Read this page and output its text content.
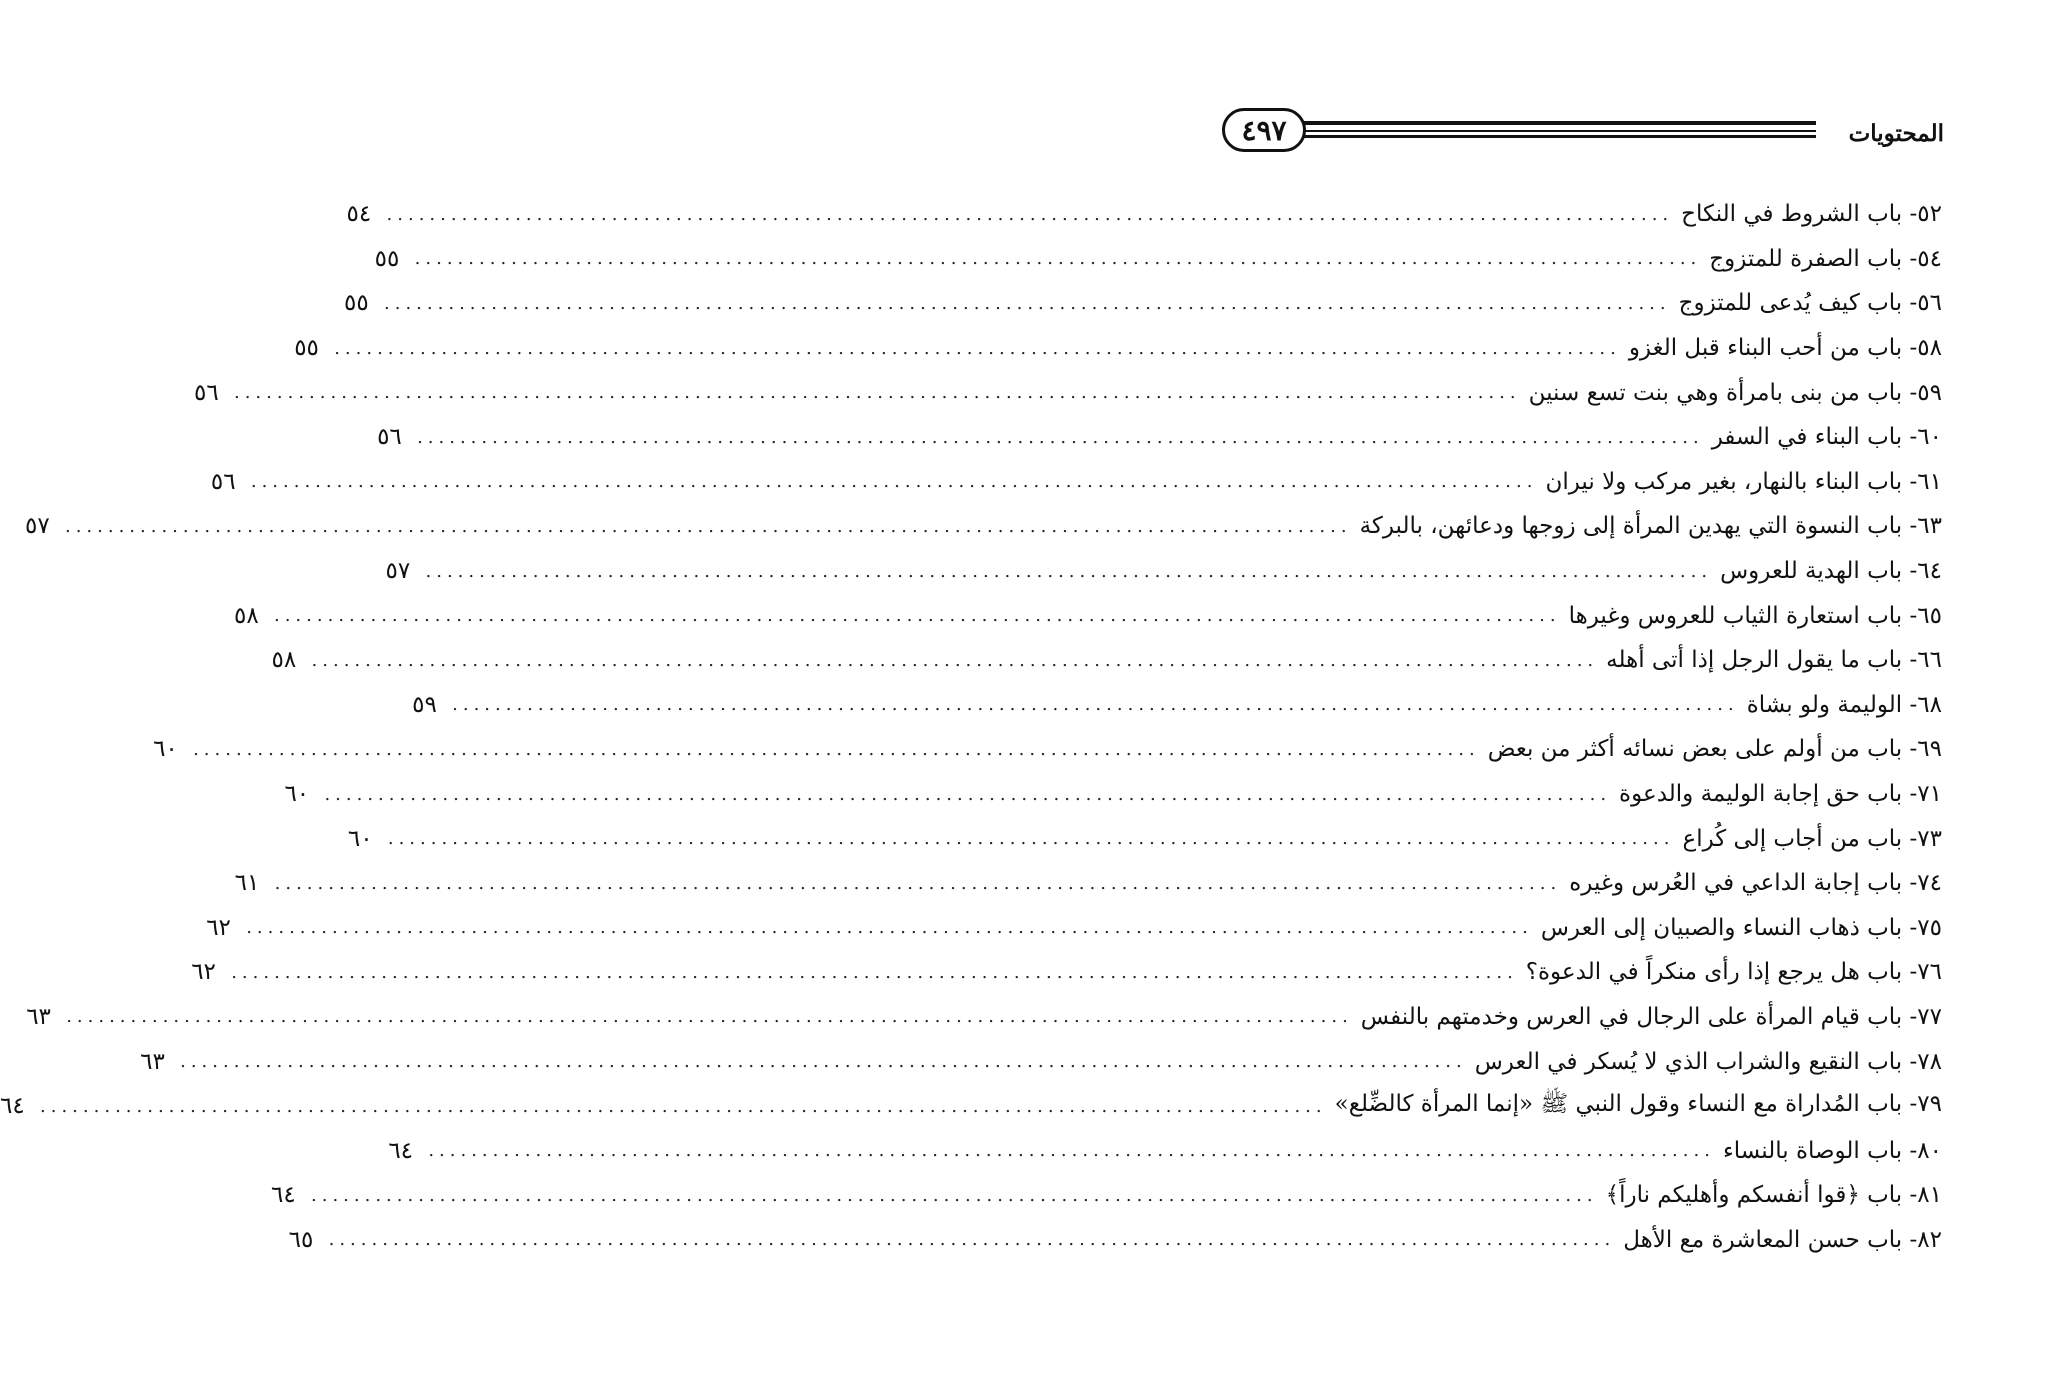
المحتويات
٤٩٧
٥٢- باب الشروط في النكاح
........................................................................................................................
٥٤
٥٤- باب الصفرة للمتزوج
........................................................................................................................
٥٥
٥٦- باب كيف يُدعى للمتزوج
........................................................................................................................
٥٥
٥٨- باب من أحب البناء قبل الغزو
........................................................................................................................
٥٥
٥٩- باب من بنى بامرأة وهي بنت تسع سنين
........................................................................................................................
٥٦
٦٠- باب البناء في السفر
........................................................................................................................
٥٦
٦١- باب البناء بالنهار، بغير مركب ولا نيران
........................................................................................................................
٥٦
٦٣- باب النسوة التي يهدين المرأة إلى زوجها ودعائهن، بالبركة
........................................................................................................................
٥٧
٦٤- باب الهدية للعروس
........................................................................................................................
٥٧
٦٥- باب استعارة الثياب للعروس وغيرها
........................................................................................................................
٥٨
٦٦- باب ما يقول الرجل إذا أتى أهله
........................................................................................................................
٥٨
٦٨- الوليمة ولو بشاة
........................................................................................................................
٥٩
٦٩- باب من أولم على بعض نسائه أكثر من بعض
........................................................................................................................
٦٠
٧١- باب حق إجابة الوليمة والدعوة
........................................................................................................................
٦٠
٧٣- باب من أجاب إلى كُراع
........................................................................................................................
٦٠
٧٤- باب إجابة الداعي في العُرس وغيره
........................................................................................................................
٦١
٧٥- باب ذهاب النساء والصبيان إلى العرس
........................................................................................................................
٦٢
٧٦- باب هل يرجع إذا رأى منكراً في الدعوة؟
........................................................................................................................
٦٢
٧٧- باب قيام المرأة على الرجال في العرس وخدمتهم بالنفس
........................................................................................................................
٦٣
٧٨- باب النقيع والشراب الذي لا يُسكر في العرس
........................................................................................................................
٦٣
٧٩- باب المُداراة مع النساء وقول النبي ﷺ «إنما المرأة كالضِّلع»
........................................................................................................................
٦٤
٨٠- باب الوصاة بالنساء
........................................................................................................................
٦٤
٨١- باب ﴿قوا أنفسكم وأهليكم ناراً﴾
........................................................................................................................
٦٤
٨٢- باب حسن المعاشرة مع الأهل
........................................................................................................................
٦٥
